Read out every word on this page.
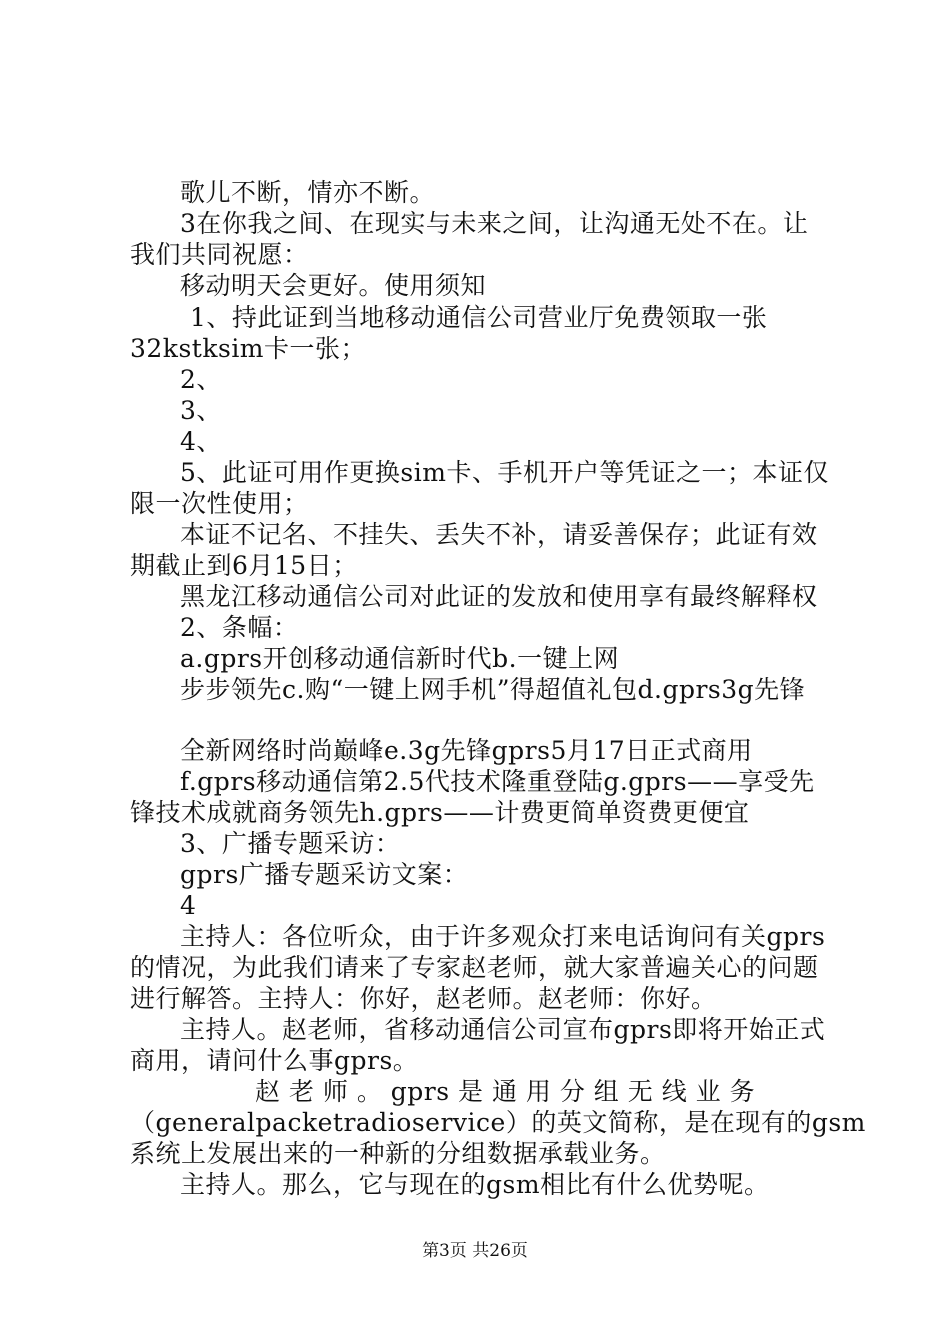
歌儿不断，情亦不断。
3在你我之间、在现实与未来之间，让沟通无处不在。让
我们共同祝愿：
移动明天会更好。使用须知
1、持此证到当地移动通信公司营业厅免费领取一张
32kstksim卡一张；
2、
3、
4、
5、此证可用作更换sim卡、手机开户等凭证之一；本证仅
限一次性使用；
本证不记名、不挂失、丢失不补，请妥善保存；此证有效
期截止到6月15日；
黑龙江移动通信公司对此证的发放和使用享有最终解释权
2、条幅：
a.gprs开创移动通信新时代b.一键上网
步步领先c.购“一键上网手机”得超值礼包d.gprs3g先锋
全新网络时尚巅峰e.3g先锋gprs5月17日正式商用
f.gprs移动通信第2.5代技术隆重登陆g.gprs——享受先
锋技术成就商务领先h.gprs——计费更简单资费更便宜
3、广播专题采访：
gprs广播专题采访文案：
4
主持人：各位听众，由于许多观众打来电话询问有关gprs
的情况，为此我们请来了专家赵老师，就大家普遍关心的问题
进行解答。主持人：你好，赵老师。赵老师：你好。
主持人。赵老师，省移动通信公司宣布gprs即将开始正式
商用，请问什么事gprs。
赵 老 师 。 gprs 是 通 用 分 组 无 线 业 务
（generalpacketradioservice）的英文简称，是在现有的gsm
系统上发展出来的一种新的分组数据承载业务。
主持人。那么，它与现在的gsm相比有什么优势呢。
第3页 共26页
